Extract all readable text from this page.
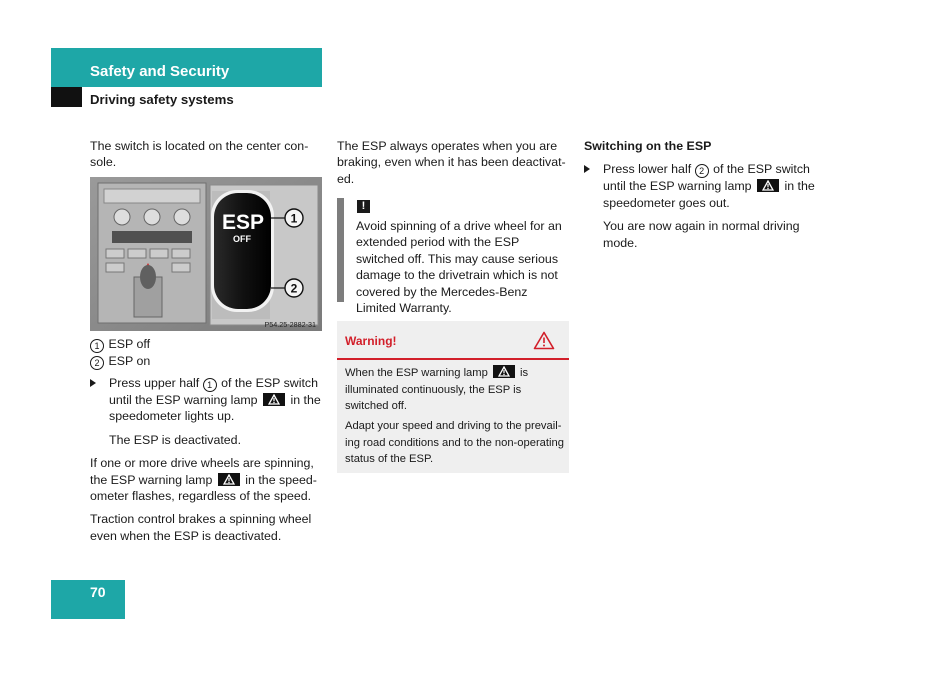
Safety and Security
Driving safety systems

The switch is located on the center con-sole.

ESP
OFF
1
2
P54.25-2882-31
1 ESP off
2 ESP on
Press upper half 1 of the ESP switch until the ESP warning lamp	in the speedometer lights up.

The ESP is deactivated.

If one or more drive wheels are spinning, the ESP warning lamp	in the speed-ometer flashes, regardless of the speed.

Traction control brakes a spinning wheel even when the ESP is deactivated.

The ESP always operates when you are braking, even when it has been deactivat-ed.

!

Avoid spinning of a drive wheel for an extended period with the ESP switched off. This may cause serious damage to the drivetrain which is not covered by the Mercedes-Benz Limited Warranty.

Warning!

When the ESP warning lamp	is illuminated continuously, the ESP is switched off.

Adapt your speed and driving to the prevail-ing road conditions and to the non-operating status of the ESP.

Switching on the ESP

Press lower half 2 of the ESP switch until the ESP warning lamp	in the speedometer goes out.

You are now again in normal driving mode.

70
